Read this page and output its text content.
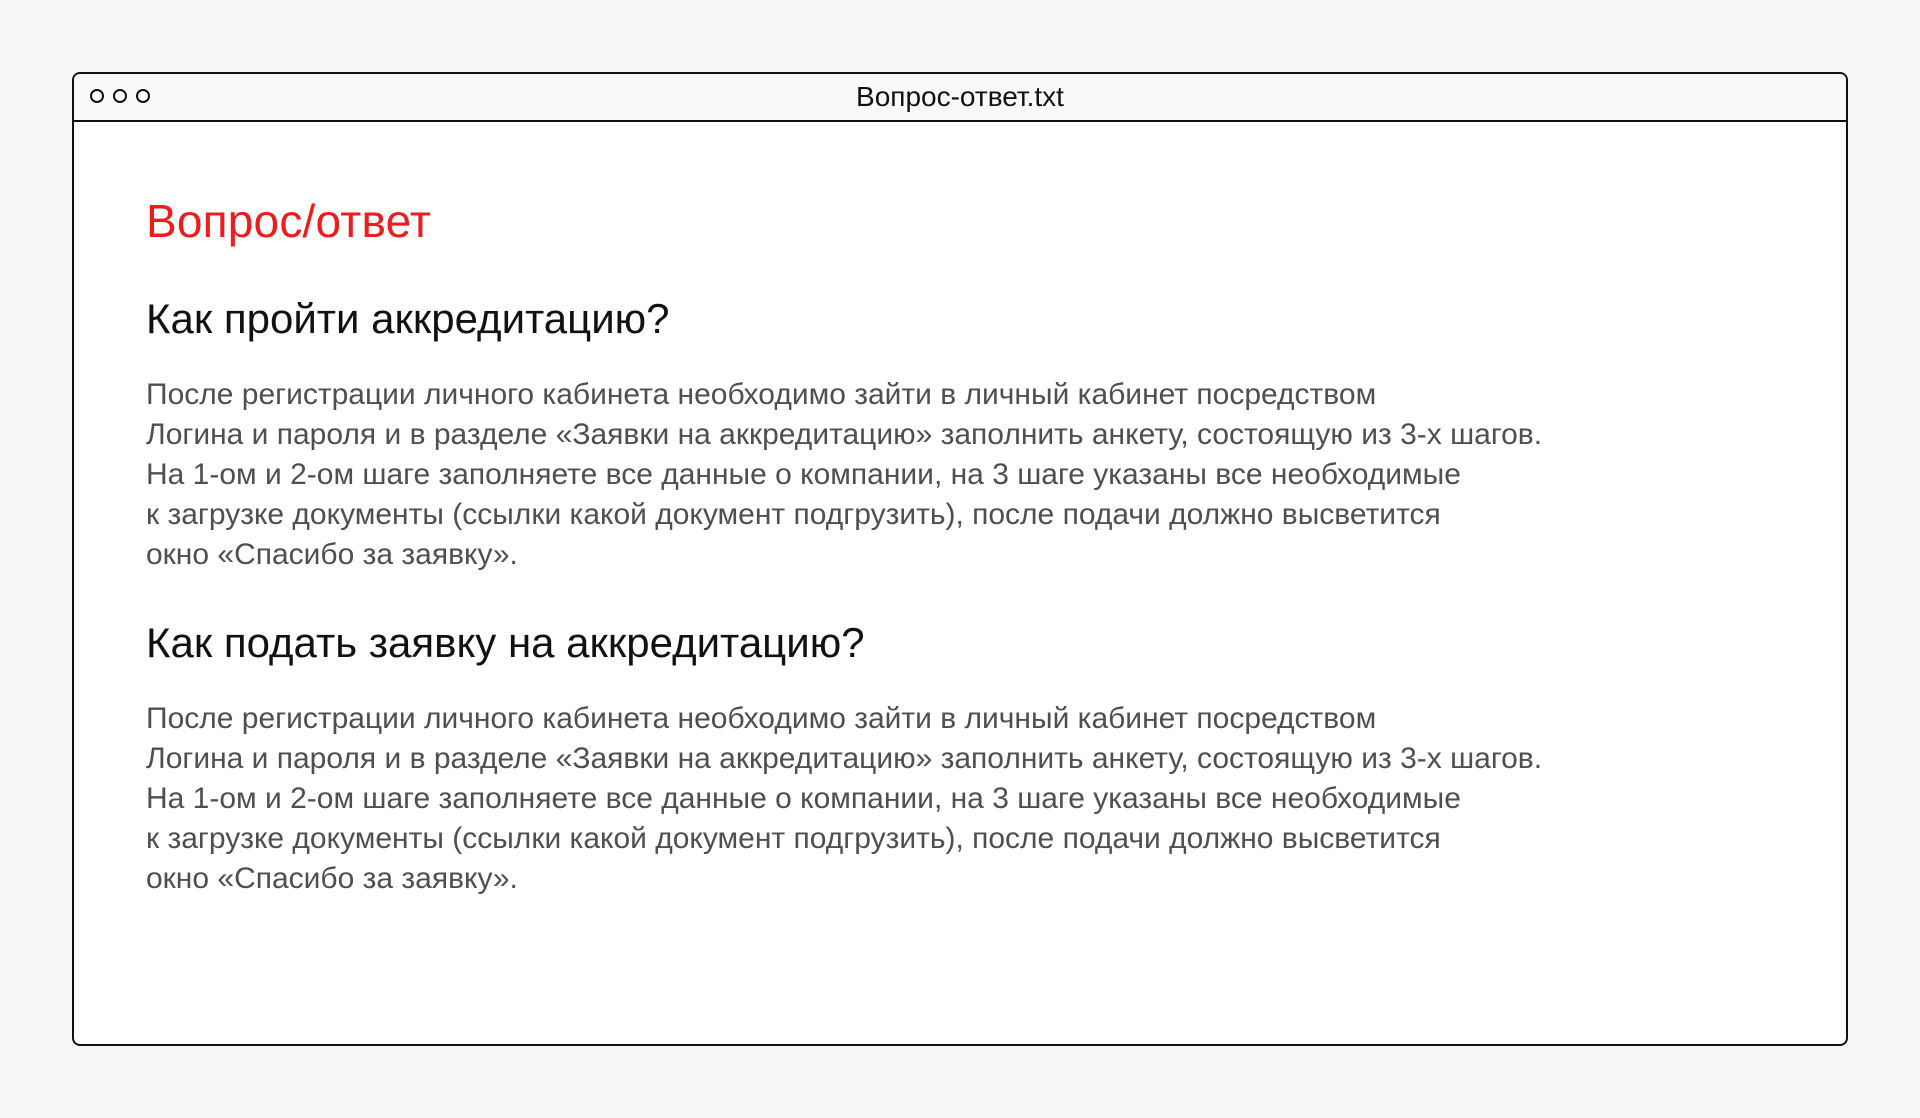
Вопрос-ответ.txt
Вопрос/ответ
Как пройти аккредитацию?

После регистрации личного кабинета необходимо зайти в личный кабинет посредством
Логина и пароля и в разделе «Заявки на аккредитацию» заполнить анкету, состоящую из 3-х шагов.
На 1-ом и 2-ом шаге заполняете все данные о компании, на 3 шаге указаны все необходимые
к загрузке документы (ссылки какой документ подгрузить), после подачи должно высветится
окно «Спасибо за заявку».

Как подать заявку на аккредитацию?

После регистрации личного кабинета необходимо зайти в личный кабинет посредством
Логина и пароля и в разделе «Заявки на аккредитацию» заполнить анкету, состоящую из 3-х шагов.
На 1-ом и 2-ом шаге заполняете все данные о компании, на 3 шаге указаны все необходимые
к загрузке документы (ссылки какой документ подгрузить), после подачи должно высветится
окно «Спасибо за заявку».
